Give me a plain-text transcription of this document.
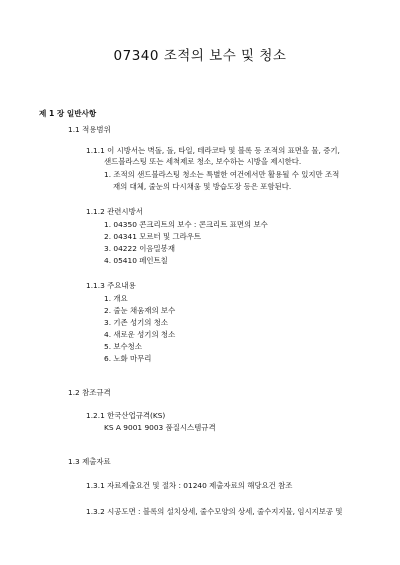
07340 조적의 보수 및 청소
제 1 장 일반사항
1.1 적용범위
1.1.1 이 시방서는 벽돌, 돌, 타일, 테라코타 및 블록 등 조적의 표면을 물, 증기,
샌드블라스팅 또는 세척제로 청소, 보수하는 시방을 제시한다.
1. 조적의 샌드블라스팅 청소는 특별한 여건에서만 활용될 수 있지만 조적
재의 대체, 줄눈의 다시채움 및 방습도장 등은 포함된다.
1.1.2 관련시방서
1. 04350 콘크리트의 보수 : 콘크리트 표면의 보수
2. 04341 모르터 및 그라우트
3. 04222 이음밀봉재
4. 05410 페인트칠
1.1.3 주요내용
1. 개요
2. 줄눈 채움재의 보수
3. 기존 성기의 청소
4. 새로운 성기의 청소
5. 보수청소
6. 노화 마무리
1.2 참조규격
1.2.1 한국산업규격(KS)
KS A 9001 9003 품질시스템규격
1.3 제출자료
1.3.1 자료제출요건 및 절차 : 01240 제출자료의 해당요건 참조
1.3.2 시공도면 : 블록의 설치상세, 줄수모양의 상세, 줄수지지물, 임시지보공 및
